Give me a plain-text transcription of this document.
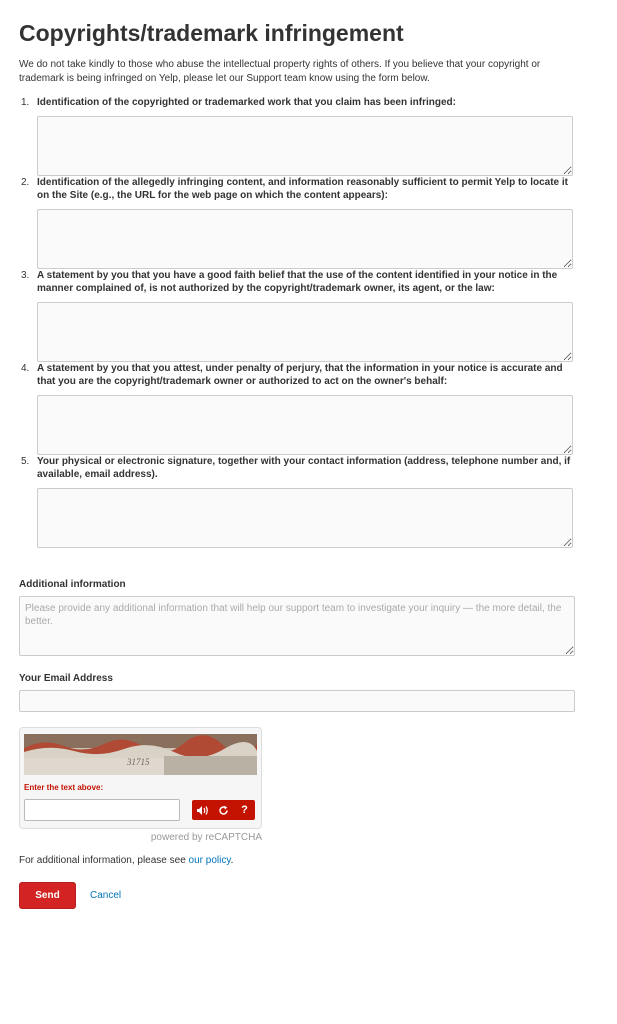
Copyrights/trademark infringement

We do not take kindly to those who abuse the intellectual property rights of others. If you believe that your copyright or trademark is being infringed on Yelp, please let our Support team know using the form below.

1. Identification of the copyrighted or trademarked work that you claim has been infringed:
2. Identification of the allegedly infringing content, and information reasonably sufficient to permit Yelp to locate it on the Site (e.g., the URL for the web page on which the content appears):
3. A statement by you that you have a good faith belief that the use of the content identified in your notice in the manner complained of, is not authorized by the copyright/trademark owner, its agent, or the law:
4. A statement by you that you attest, under penalty of perjury, that the information in your notice is accurate and that you are the copyright/trademark owner or authorized to act on the owner's behalf:
5. Your physical or electronic signature, together with your contact information (address, telephone number and, if available, email address).
Additional information
Please provide any additional information that will help our support team to investigate your inquiry — the more detail, the better.
Your Email Address
31715
Enter the text above:
?
powered by reCAPTCHA
For additional information, please see our policy.
Send	Cancel
